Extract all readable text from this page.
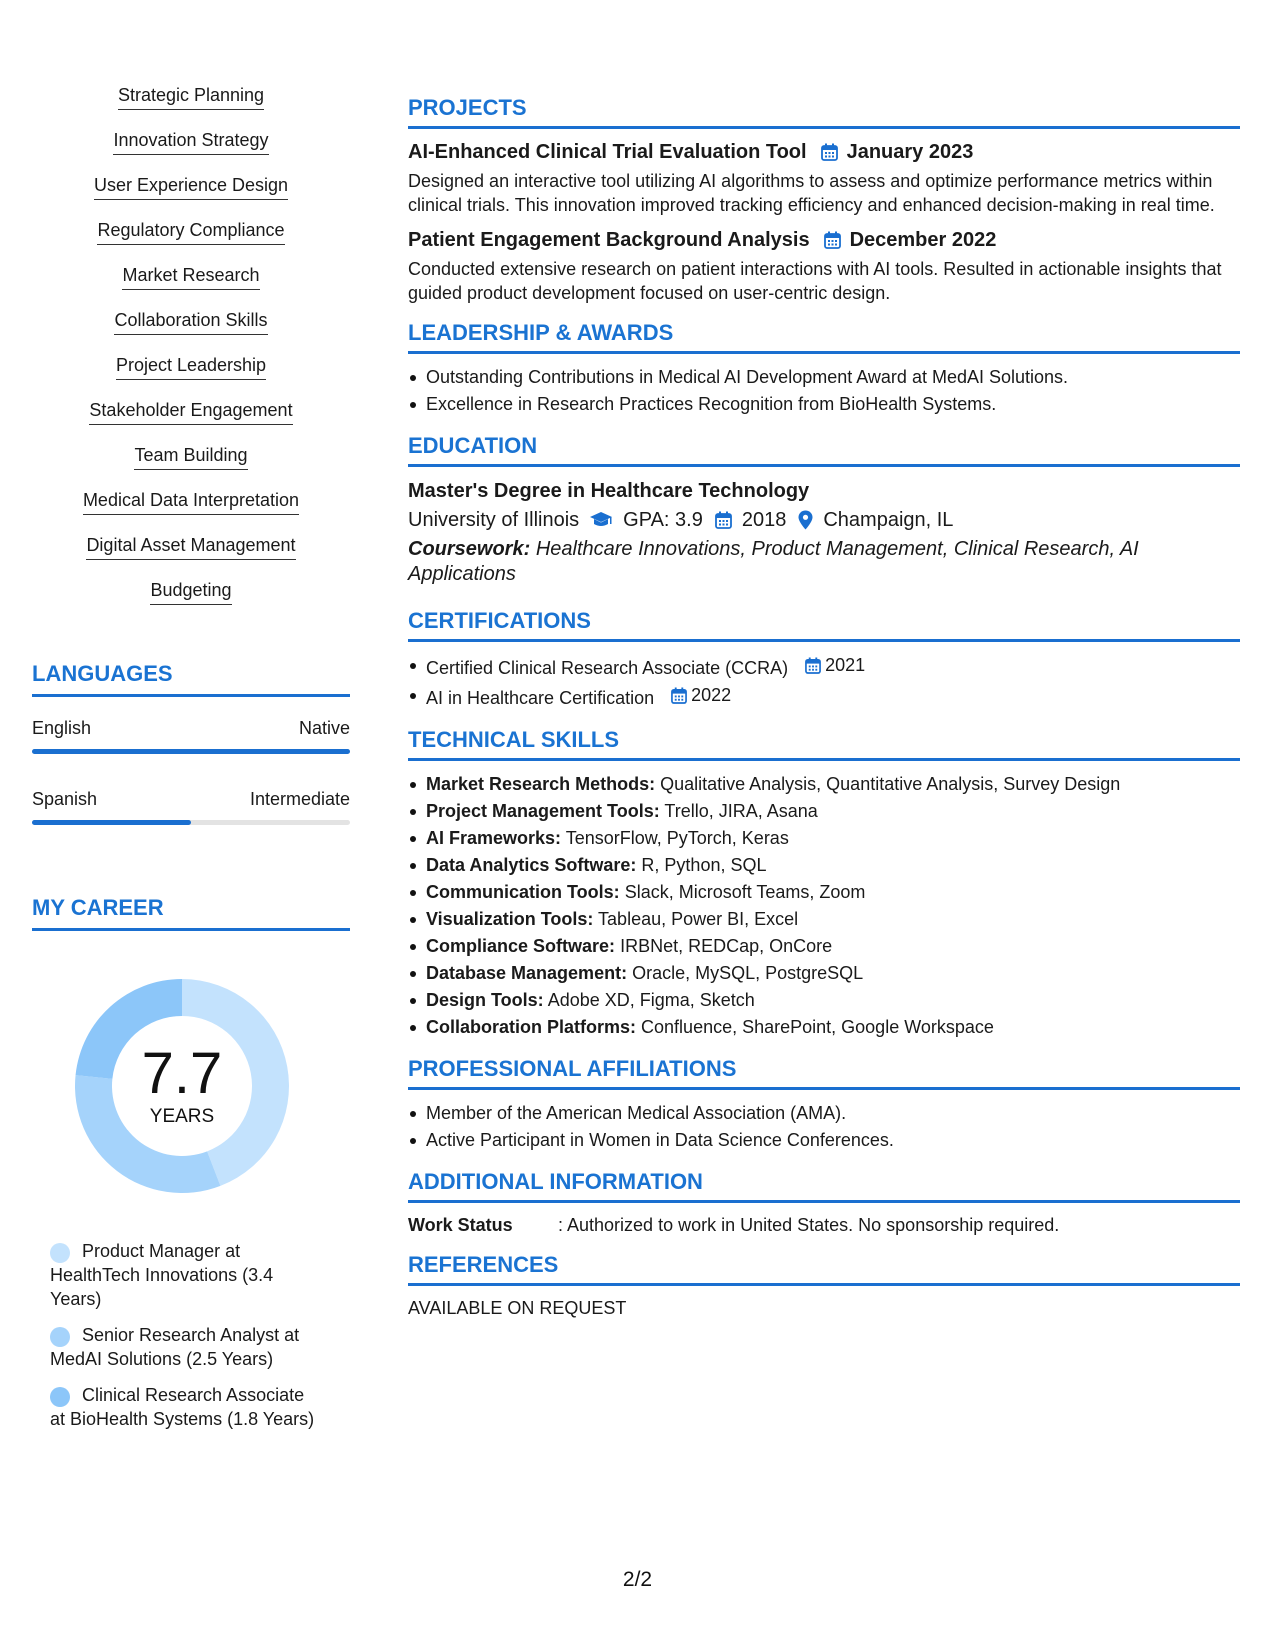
Strategic Planning
Innovation Strategy
User Experience Design
Regulatory Compliance
Market Research
Collaboration Skills
Project Leadership
Stakeholder Engagement
Team Building
Medical Data Interpretation
Digital Asset Management
Budgeting
LANGUAGES
English	Native
Spanish	Intermediate
MY CAREER
7.7
YEARS
Product Manager at HealthTech Innovations (3.4 Years)
Senior Research Analyst at MedAI Solutions (2.5 Years)
Clinical Research Associate at BioHealth Systems (1.8 Years)
PROJECTS
AI-Enhanced Clinical Trial Evaluation Tool January 2023
Designed an interactive tool utilizing AI algorithms to assess and optimize performance metrics within clinical trials. This innovation improved tracking efficiency and enhanced decision-making in real time.
Patient Engagement Background Analysis December 2022
Conducted extensive research on patient interactions with AI tools. Resulted in actionable insights that guided product development focused on user-centric design.
LEADERSHIP & AWARDS
Outstanding Contributions in Medical AI Development Award at MedAI Solutions.
Excellence in Research Practices Recognition from BioHealth Systems.
EDUCATION
Master's Degree in Healthcare Technology
University of Illinois GPA: 3.9 2018 Champaign, IL
Coursework: Healthcare Innovations, Product Management, Clinical Research, AI Applications
CERTIFICATIONS
Certified Clinical Research Associate (CCRA) 2021
AI in Healthcare Certification 2022
TECHNICAL SKILLS
Market Research Methods: Qualitative Analysis, Quantitative Analysis, Survey Design
Project Management Tools: Trello, JIRA, Asana
AI Frameworks: TensorFlow, PyTorch, Keras
Data Analytics Software: R, Python, SQL
Communication Tools: Slack, Microsoft Teams, Zoom
Visualization Tools: Tableau, Power BI, Excel
Compliance Software: IRBNet, REDCap, OnCore
Database Management: Oracle, MySQL, PostgreSQL
Design Tools: Adobe XD, Figma, Sketch
Collaboration Platforms: Confluence, SharePoint, Google Workspace
PROFESSIONAL AFFILIATIONS
Member of the American Medical Association (AMA).
Active Participant in Women in Data Science Conferences.
ADDITIONAL INFORMATION
Work Status	: Authorized to work in United States. No sponsorship required.
REFERENCES
AVAILABLE ON REQUEST
2/2
